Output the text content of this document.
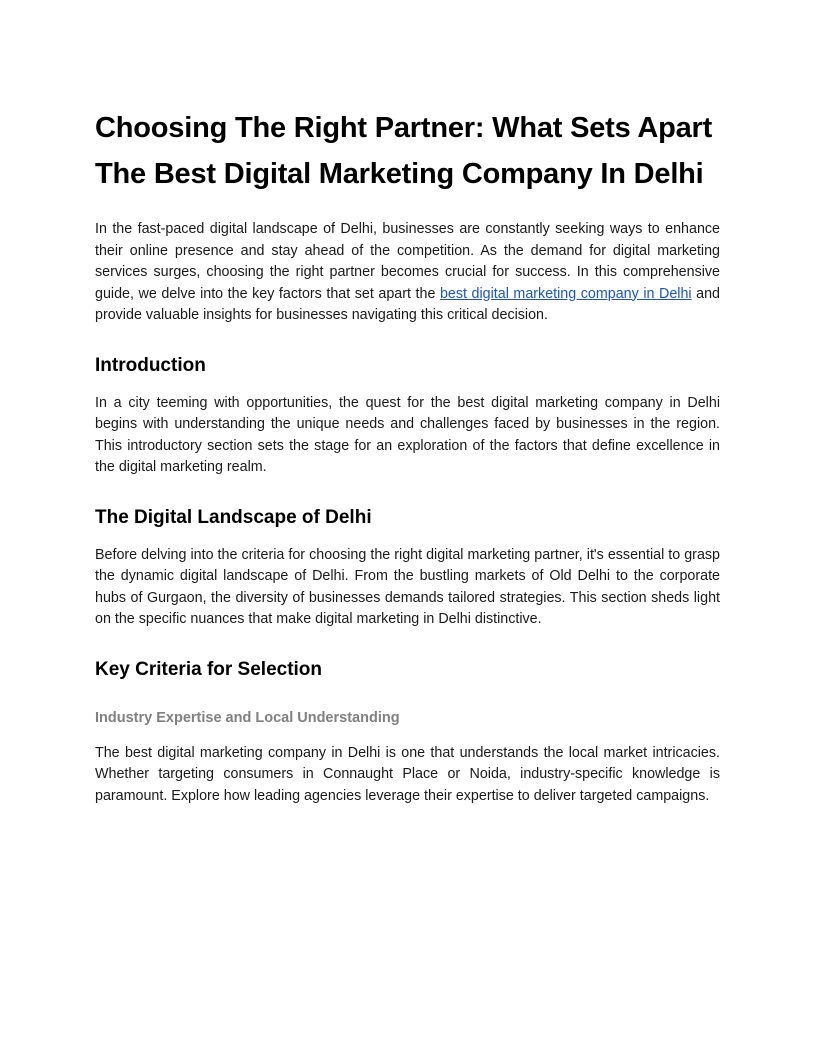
Choosing The Right Partner: What Sets Apart The Best Digital Marketing Company In Delhi

In the fast-paced digital landscape of Delhi, businesses are constantly seeking ways to enhance their online presence and stay ahead of the competition. As the demand for digital marketing services surges, choosing the right partner becomes crucial for success. In this comprehensive guide, we delve into the key factors that set apart the best digital marketing company in Delhi and provide valuable insights for businesses navigating this critical decision.

Introduction

In a city teeming with opportunities, the quest for the best digital marketing company in Delhi begins with understanding the unique needs and challenges faced by businesses in the region. This introductory section sets the stage for an exploration of the factors that define excellence in the digital marketing realm.

The Digital Landscape of Delhi

Before delving into the criteria for choosing the right digital marketing partner, it's essential to grasp the dynamic digital landscape of Delhi. From the bustling markets of Old Delhi to the corporate hubs of Gurgaon, the diversity of businesses demands tailored strategies. This section sheds light on the specific nuances that make digital marketing in Delhi distinctive.

Key Criteria for Selection
Industry Expertise and Local Understanding

The best digital marketing company in Delhi is one that understands the local market intricacies. Whether targeting consumers in Connaught Place or Noida, industry-specific knowledge is paramount. Explore how leading agencies leverage their expertise to deliver targeted campaigns.
